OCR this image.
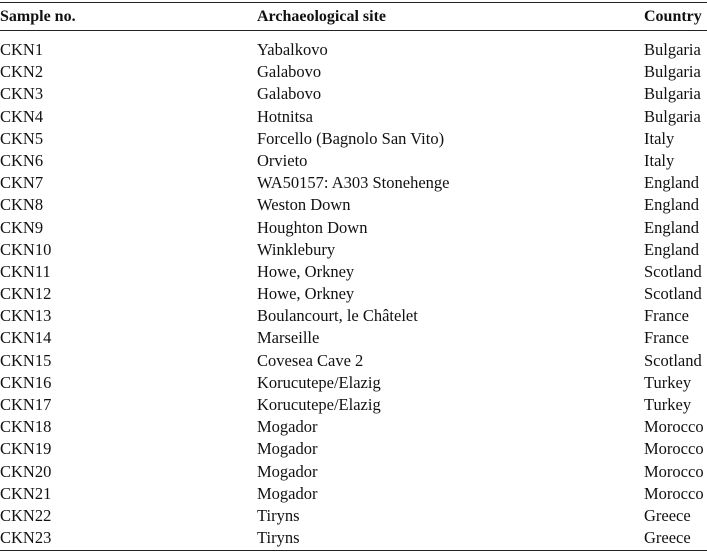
Sample no.	Archaeological site	Country
CKN1	Yabalkovo	Bulgaria
CKN2	Galabovo	Bulgaria
CKN3	Galabovo	Bulgaria
CKN4	Hotnitsa	Bulgaria
CKN5	Forcello (Bagnolo San Vito)	Italy
CKN6	Orvieto	Italy
CKN7	WA50157: A303 Stonehenge	England
CKN8	Weston Down	England
CKN9	Houghton Down	England
CKN10	Winklebury	England
CKN11	Howe, Orkney	Scotland
CKN12	Howe, Orkney	Scotland
CKN13	Boulancourt, le Châtelet	France
CKN14	Marseille	France
CKN15	Covesea Cave 2	Scotland
CKN16	Korucutepe/Elazig	Turkey
CKN17	Korucutepe/Elazig	Turkey
CKN18	Mogador	Morocco
CKN19	Mogador	Morocco
CKN20	Mogador	Morocco
CKN21	Mogador	Morocco
CKN22	Tiryns	Greece
CKN23	Tiryns	Greece
